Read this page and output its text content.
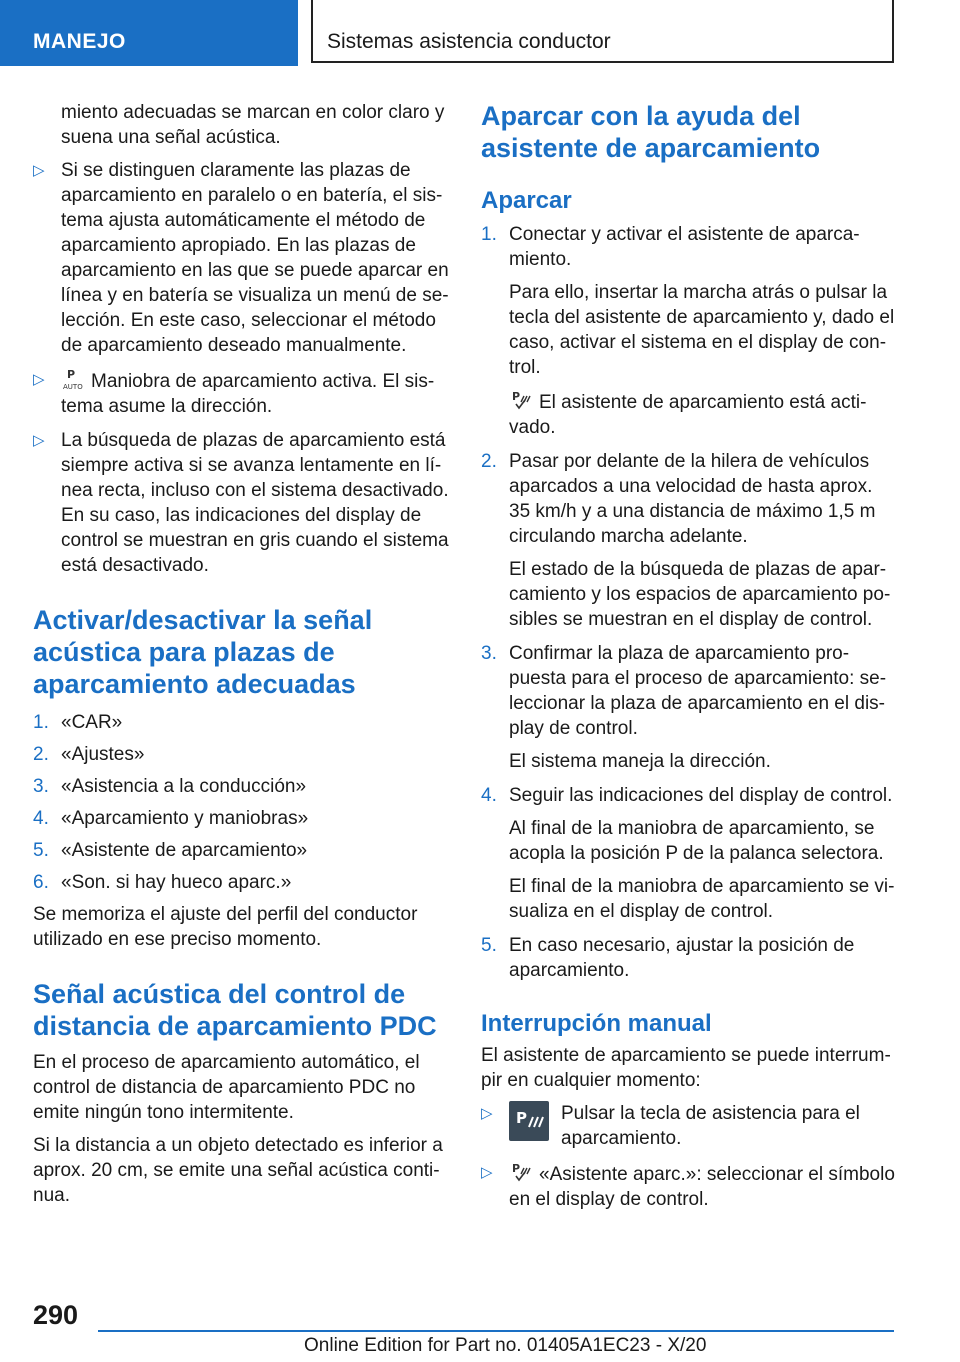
MANEJO	Sistemas asistencia conductor

miento adecuadas se marcan en color claro y suena una señal acústica.

▷ Si se distinguen claramente las plazas de aparcamiento en paralelo o en batería, el sistema ajusta automáticamente el método de aparcamiento apropiado. En las plazas de aparcamiento en las que se puede aparcar en línea y en batería se visualiza un menú de selección. En este caso, seleccionar el método de aparcamiento deseado manualmente.

▷ P
AUTO Maniobra de aparcamiento activa. El sistema asume la dirección.

▷ La búsqueda de plazas de aparcamiento está siempre activa si se avanza lentamente en línea recta, incluso con el sistema desactivado. En su caso, las indicaciones del display de control se muestran en gris cuando el sistema está desactivado.

Activar/desactivar la señal acústica para plazas de aparcamiento adecuadas
1. «CAR»

2. «Ajustes»

3. «Asistencia a la conducción»

4. «Aparcamiento y maniobras»

5. «Asistente de aparcamiento»

6. «Son. si hay hueco aparc.»

Se memoriza el ajuste del perfil del conductor utilizado en ese preciso momento.

Señal acústica del control de distancia de aparcamiento PDC

En el proceso de aparcamiento automático, el control de distancia de aparcamiento PDC no emite ningún tono intermitente.

Si la distancia a un objeto detectado es inferior a aprox. 20 cm, se emite una señal acústica continua.

Aparcar con la ayuda del asistente de aparcamiento
Aparcar
1. Conectar y activar el asistente de aparcamiento.

Para ello, insertar la marcha atrás o pulsar la tecla del asistente de aparcamiento y, dado el caso, activar el sistema en el display de control.

P El asistente de aparcamiento está activado.

2. Pasar por delante de la hilera de vehículos aparcados a una velocidad de hasta aprox. 35 km/h y a una distancia de máximo 1,5 m circulando marcha adelante.

El estado de la búsqueda de plazas de aparcamiento y los espacios de aparcamiento posibles se muestran en el display de control.

3. Confirmar la plaza de aparcamiento propuesta para el proceso de aparcamiento: seleccionar la plaza de aparcamiento en el display de control.

El sistema maneja la dirección.

4. Seguir las indicaciones del display de control.

Al final de la maniobra de aparcamiento, se acopla la posición P de la palanca selectora.

El final de la maniobra de aparcamiento se visualiza en el display de control.

5. En caso necesario, ajustar la posición de aparcamiento.

Interrupción manual

El asistente de aparcamiento se puede interrumpir en cualquier momento:

▷ P	Pulsar la tecla de asistencia para el aparcamiento.

▷ P «Asistente aparc.»: seleccionar el símbolo en el display de control.

290
Online Edition for Part no. 01405A1EC23 - X/20
